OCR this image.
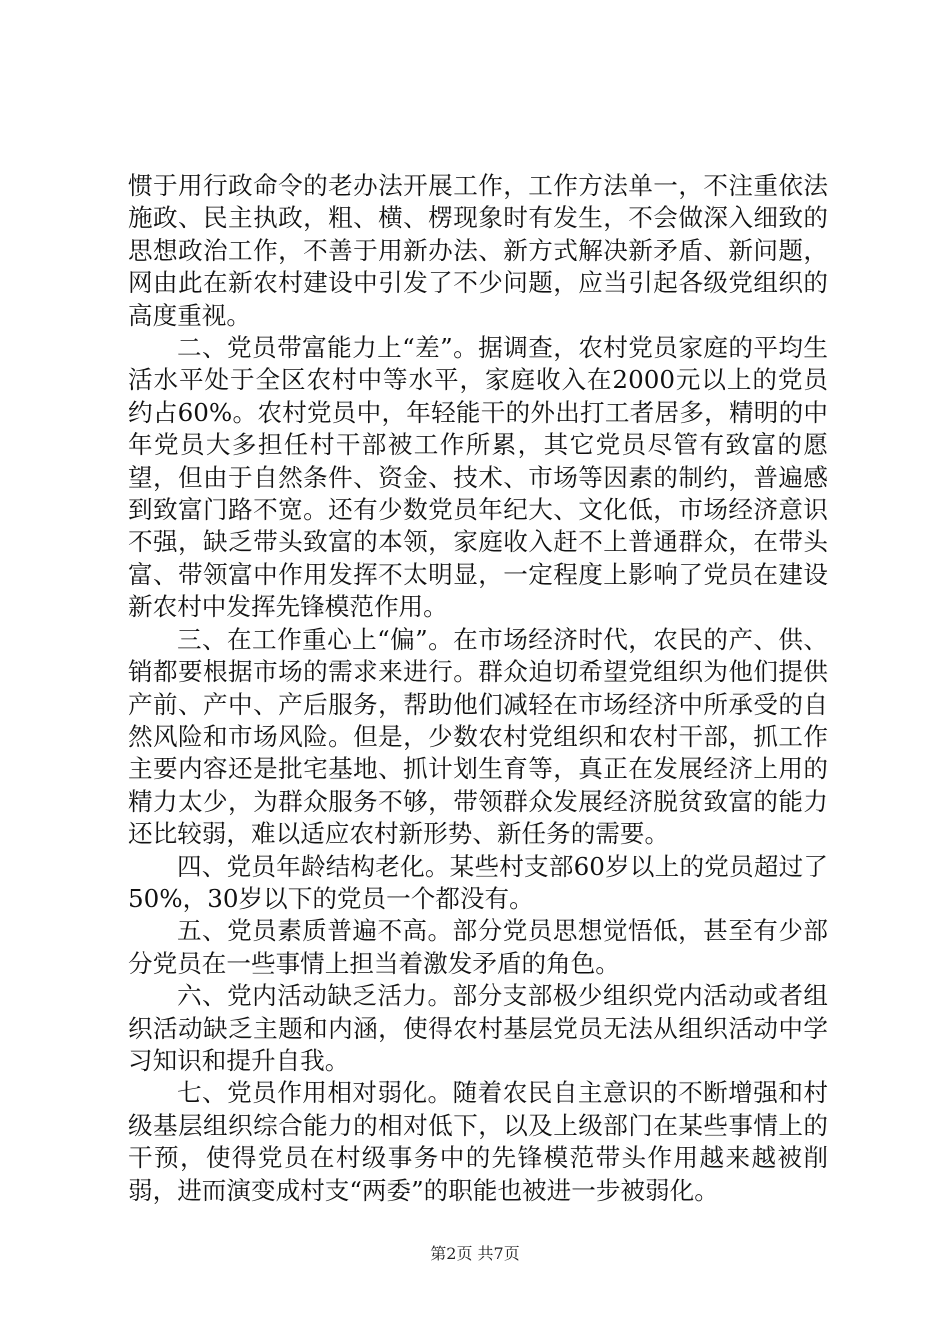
惯于用行政命令的老办法开展工作，工作方法单一，不注重依法施政、民主执政，粗、横、楞现象时有发生，不会做深入细致的思想政治工作，不善于用新办法、新方式解决新矛盾、新问题，网由此在新农村建设中引发了不少问题，应当引起各级党组织的高度重视。

二、党员带富能力上“差”。据调查，农村党员家庭的平均生活水平处于全区农村中等水平，家庭收入在2000元以上的党员约占60%。农村党员中，年轻能干的外出打工者居多，精明的中年党员大多担任村干部被工作所累，其它党员尽管有致富的愿望，但由于自然条件、资金、技术、市场等因素的制约，普遍感到致富门路不宽。还有少数党员年纪大、文化低，市场经济意识不强，缺乏带头致富的本领，家庭收入赶不上普通群众，在带头富、带领富中作用发挥不太明显，一定程度上影响了党员在建设新农村中发挥先锋模范作用。

三、在工作重心上“偏”。在市场经济时代，农民的产、供、销都要根据市场的需求来进行。群众迫切希望党组织为他们提供产前、产中、产后服务，帮助他们减轻在市场经济中所承受的自然风险和市场风险。但是，少数农村党组织和农村干部，抓工作主要内容还是批宅基地、抓计划生育等，真正在发展经济上用的精力太少，为群众服务不够，带领群众发展经济脱贫致富的能力还比较弱，难以适应农村新形势、新任务的需要。

四、党员年龄结构老化。某些村支部60岁以上的党员超过了50%，30岁以下的党员一个都没有。

五、党员素质普遍不高。部分党员思想觉悟低，甚至有少部分党员在一些事情上担当着激发矛盾的角色。

六、党内活动缺乏活力。部分支部极少组织党内活动或者组织活动缺乏主题和内涵，使得农村基层党员无法从组织活动中学习知识和提升自我。

七、党员作用相对弱化。随着农民自主意识的不断增强和村级基层组织综合能力的相对低下，以及上级部门在某些事情上的干预，使得党员在村级事务中的先锋模范带头作用越来越被削弱，进而演变成村支“两委”的职能也被进一步被弱化。

第2页 共7页
